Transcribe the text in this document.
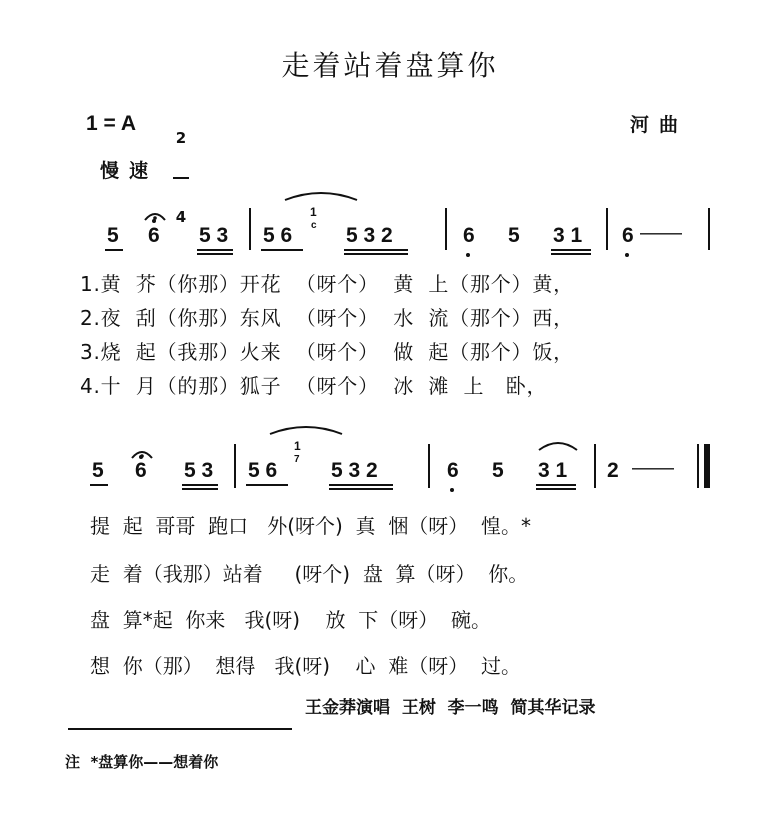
走着站着盘算你
1 = A

2

4

河曲
慢速
5 6 5 3 5 6
1
c 5 3 2	6 5 3 1 6 ——
1.黄  芥（你那）开花  （呀个）  黄  上（那个）黄，
2.夜  刮（你那）东风  （呀个）  水  流（那个）西，
3.烧  起（我那）火来  （呀个）  做  起（那个）饭，
4.十  月（的那）狐子  （呀个）  冰  滩  上   卧，
5 6 5 3 5 6
1
7 5 3 2	6 5 3 1 2 ——
提  起  哥哥  跑口   外(呀个)  真  悃（呀）  惶。*
走  着（我那）站着     (呀个)  盘  算（呀）  你。
盘  算*起  你来   我(呀)    放  下（呀）  碗。
想  你（那）  想得   我(呀)    心  难（呀）  过。
王金莽演唱  王树  李一鸣  简其华记录
注  *盘算你——想着你
